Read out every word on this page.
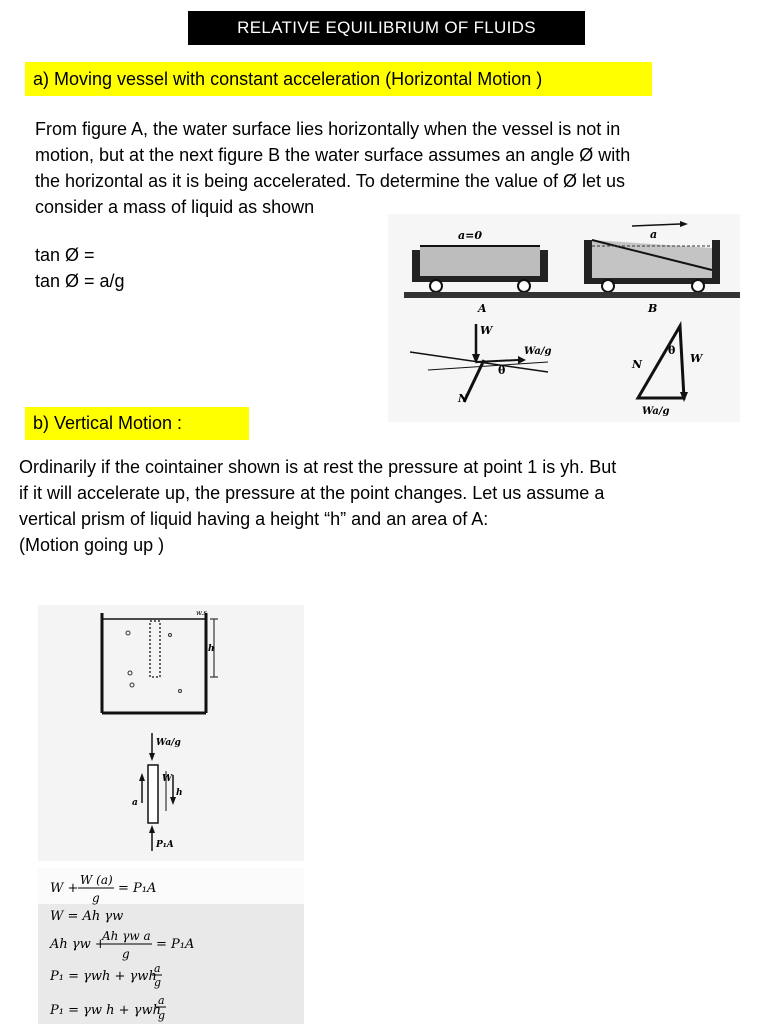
RELATIVE EQUILIBRIUM OF FLUIDS
a) Moving vessel with constant acceleration (Horizontal Motion )
From figure A, the water surface lies horizontally when the vessel is not in
motion, but at the next figure B the water surface assumes an angle Ø with
the horizontal as it is being accelerated. To determine the value of Ø let us
consider a mass of liquid as shown
tan Ø =
tan Ø = a/g
a=0	a
A	B
W
Wa/g
θ
N
θ
W
N
Wa/g
b) Vertical Motion :
Ordinarily if the cointainer shown is at rest the pressure at point 1 is yh. But
if it will accelerate up, the pressure at the point changes. Let us assume a
vertical prism of liquid having a height “h” and an area of A:
(Motion going up )
w.s
h
Wa/g
W
h
a
P₁A
W +
W (a)
g
= P₁A
W = Ah γw
Ah γw +
Ah γw a
g
= P₁A
P₁ = γwh + γwh
a
g
P₁ = γw h + γwh
a
g
